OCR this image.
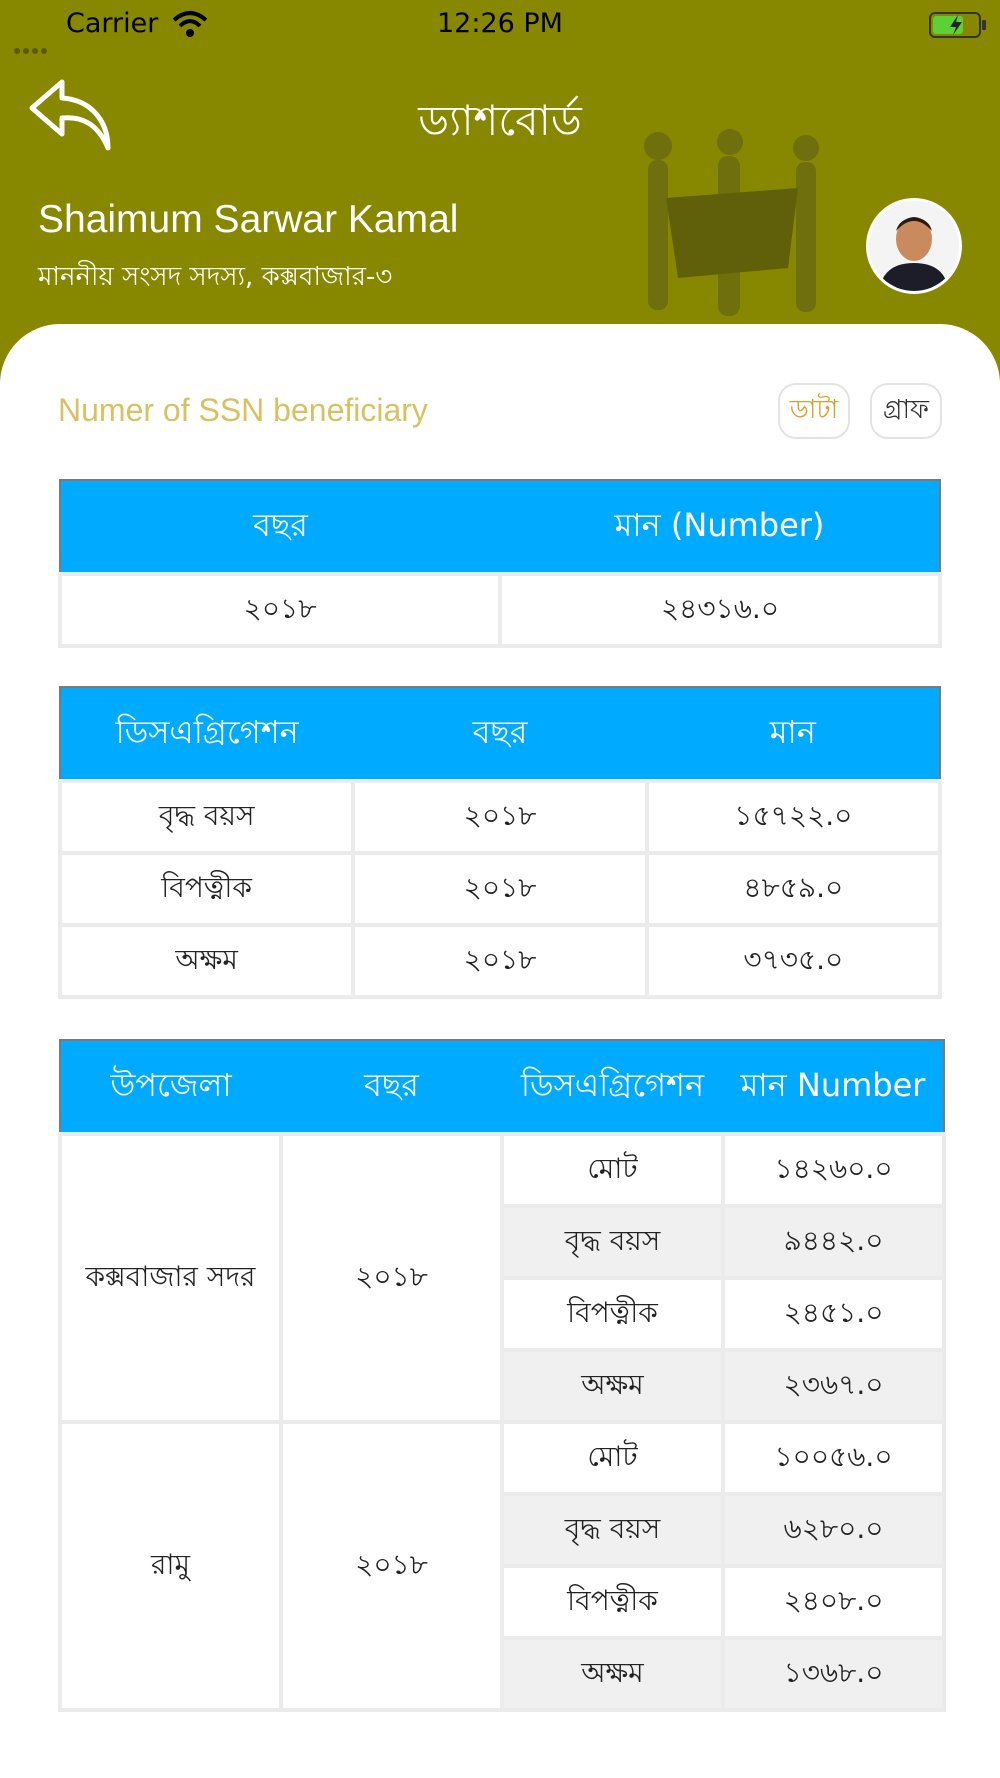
Carrier	12:26 PM
ড্যাশবোর্ড
Shaimum Sarwar Kamal
মাননীয় সংসদ সদস্য, কক্সবাজার-৩
Numer of SSN beneficiary	ডাটা	গ্রাফ
বছর	মান (Number)
২০১৮	২৪৩১৬.০
ডিসএগ্রিগেশন	বছর	মান
বৃদ্ধ বয়স	২০১৮	১৫৭২২.০
বিপত্নীক	২০১৮	৪৮৫৯.০
অক্ষম	২০১৮	৩৭৩৫.০
উপজেলা	বছর	ডিসএগ্রিগেশন	মান Number
কক্সবাজার সদর	২০১৮	মোট	১৪২৬০.০
		বৃদ্ধ বয়স	৯৪৪২.০
		বিপত্নীক	২৪৫১.০
		অক্ষম	২৩৬৭.০
রামু	২০১৮	মোট	১০০৫৬.০
		বৃদ্ধ বয়স	৬২৮০.০
		বিপত্নীক	২৪০৮.০
		অক্ষম	১৩৬৮.০
